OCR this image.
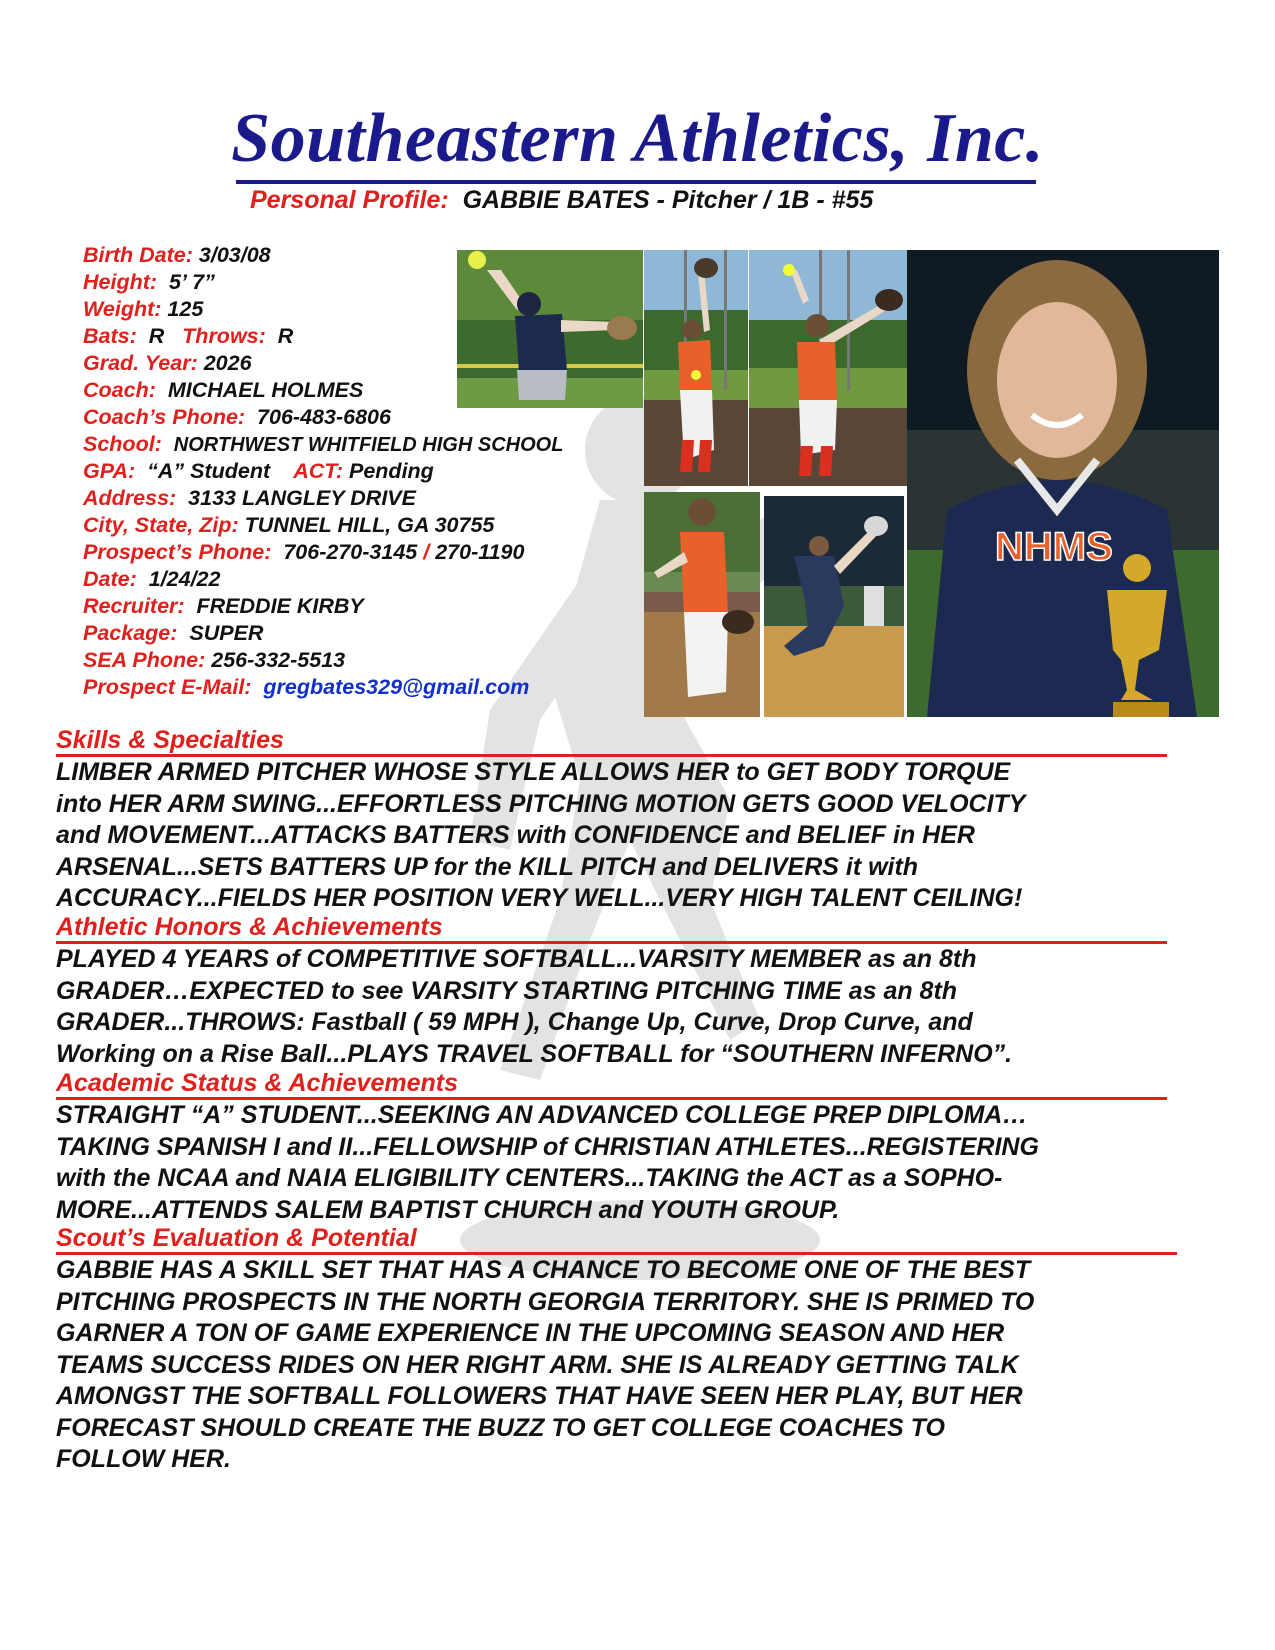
Southeastern Athletics, Inc.
Personal Profile: GABBIE BATES - Pitcher / 1B - #55
Birth Date: 3/03/08
Height: 5’ 7”
Weight: 125
Bats: R Throws: R
Grad. Year: 2026
Coach: MICHAEL HOLMES
Coach’s Phone: 706-483-6806
School: NORTHWEST WHITFIELD HIGH SCHOOL
GPA: “A” Student ACT: Pending
Address: 3133 LANGLEY DRIVE
City, State, Zip: TUNNEL HILL, GA 30755
Prospect’s Phone: 706-270-3145 / 270-1190
Date: 1/24/22
Recruiter: FREDDIE KIRBY
Package: SUPER
SEA Phone: 256-332-5513
Prospect E-Mail: gregbates329@gmail.com
NHMS
Skills & Specialties
LIMBER ARMED PITCHER WHOSE STYLE ALLOWS HER to GET BODY TORQUE
into HER ARM SWING...EFFORTLESS PITCHING MOTION GETS GOOD VELOCITY
and MOVEMENT...ATTACKS BATTERS with CONFIDENCE and BELIEF in HER
ARSENAL...SETS BATTERS UP for the KILL PITCH and DELIVERS it with
ACCURACY...FIELDS HER POSITION VERY WELL...VERY HIGH TALENT CEILING!
Athletic Honors & Achievements
PLAYED 4 YEARS of COMPETITIVE SOFTBALL...VARSITY MEMBER as an 8th
GRADER…EXPECTED to see VARSITY STARTING PITCHING TIME as an 8th
GRADER...THROWS: Fastball ( 59 MPH ), Change Up, Curve, Drop Curve, and
Working on a Rise Ball...PLAYS TRAVEL SOFTBALL for “SOUTHERN INFERNO”.
Academic Status & Achievements
STRAIGHT “A” STUDENT...SEEKING AN ADVANCED COLLEGE PREP DIPLOMA…
TAKING SPANISH I and II...FELLOWSHIP of CHRISTIAN ATHLETES...REGISTERING
with the NCAA and NAIA ELIGIBILITY CENTERS...TAKING the ACT as a SOPHO-
MORE...ATTENDS SALEM BAPTIST CHURCH and YOUTH GROUP.
Scout’s Evaluation & Potential
GABBIE HAS A SKILL SET THAT HAS A CHANCE TO BECOME ONE OF THE BEST
PITCHING PROSPECTS IN THE NORTH GEORGIA TERRITORY. SHE IS PRIMED TO
GARNER A TON OF GAME EXPERIENCE IN THE UPCOMING SEASON AND HER
TEAMS SUCCESS RIDES ON HER RIGHT ARM. SHE IS ALREADY GETTING TALK
AMONGST THE SOFTBALL FOLLOWERS THAT HAVE SEEN HER PLAY, BUT HER
FORECAST SHOULD CREATE THE BUZZ TO GET COLLEGE COACHES TO
FOLLOW HER.
